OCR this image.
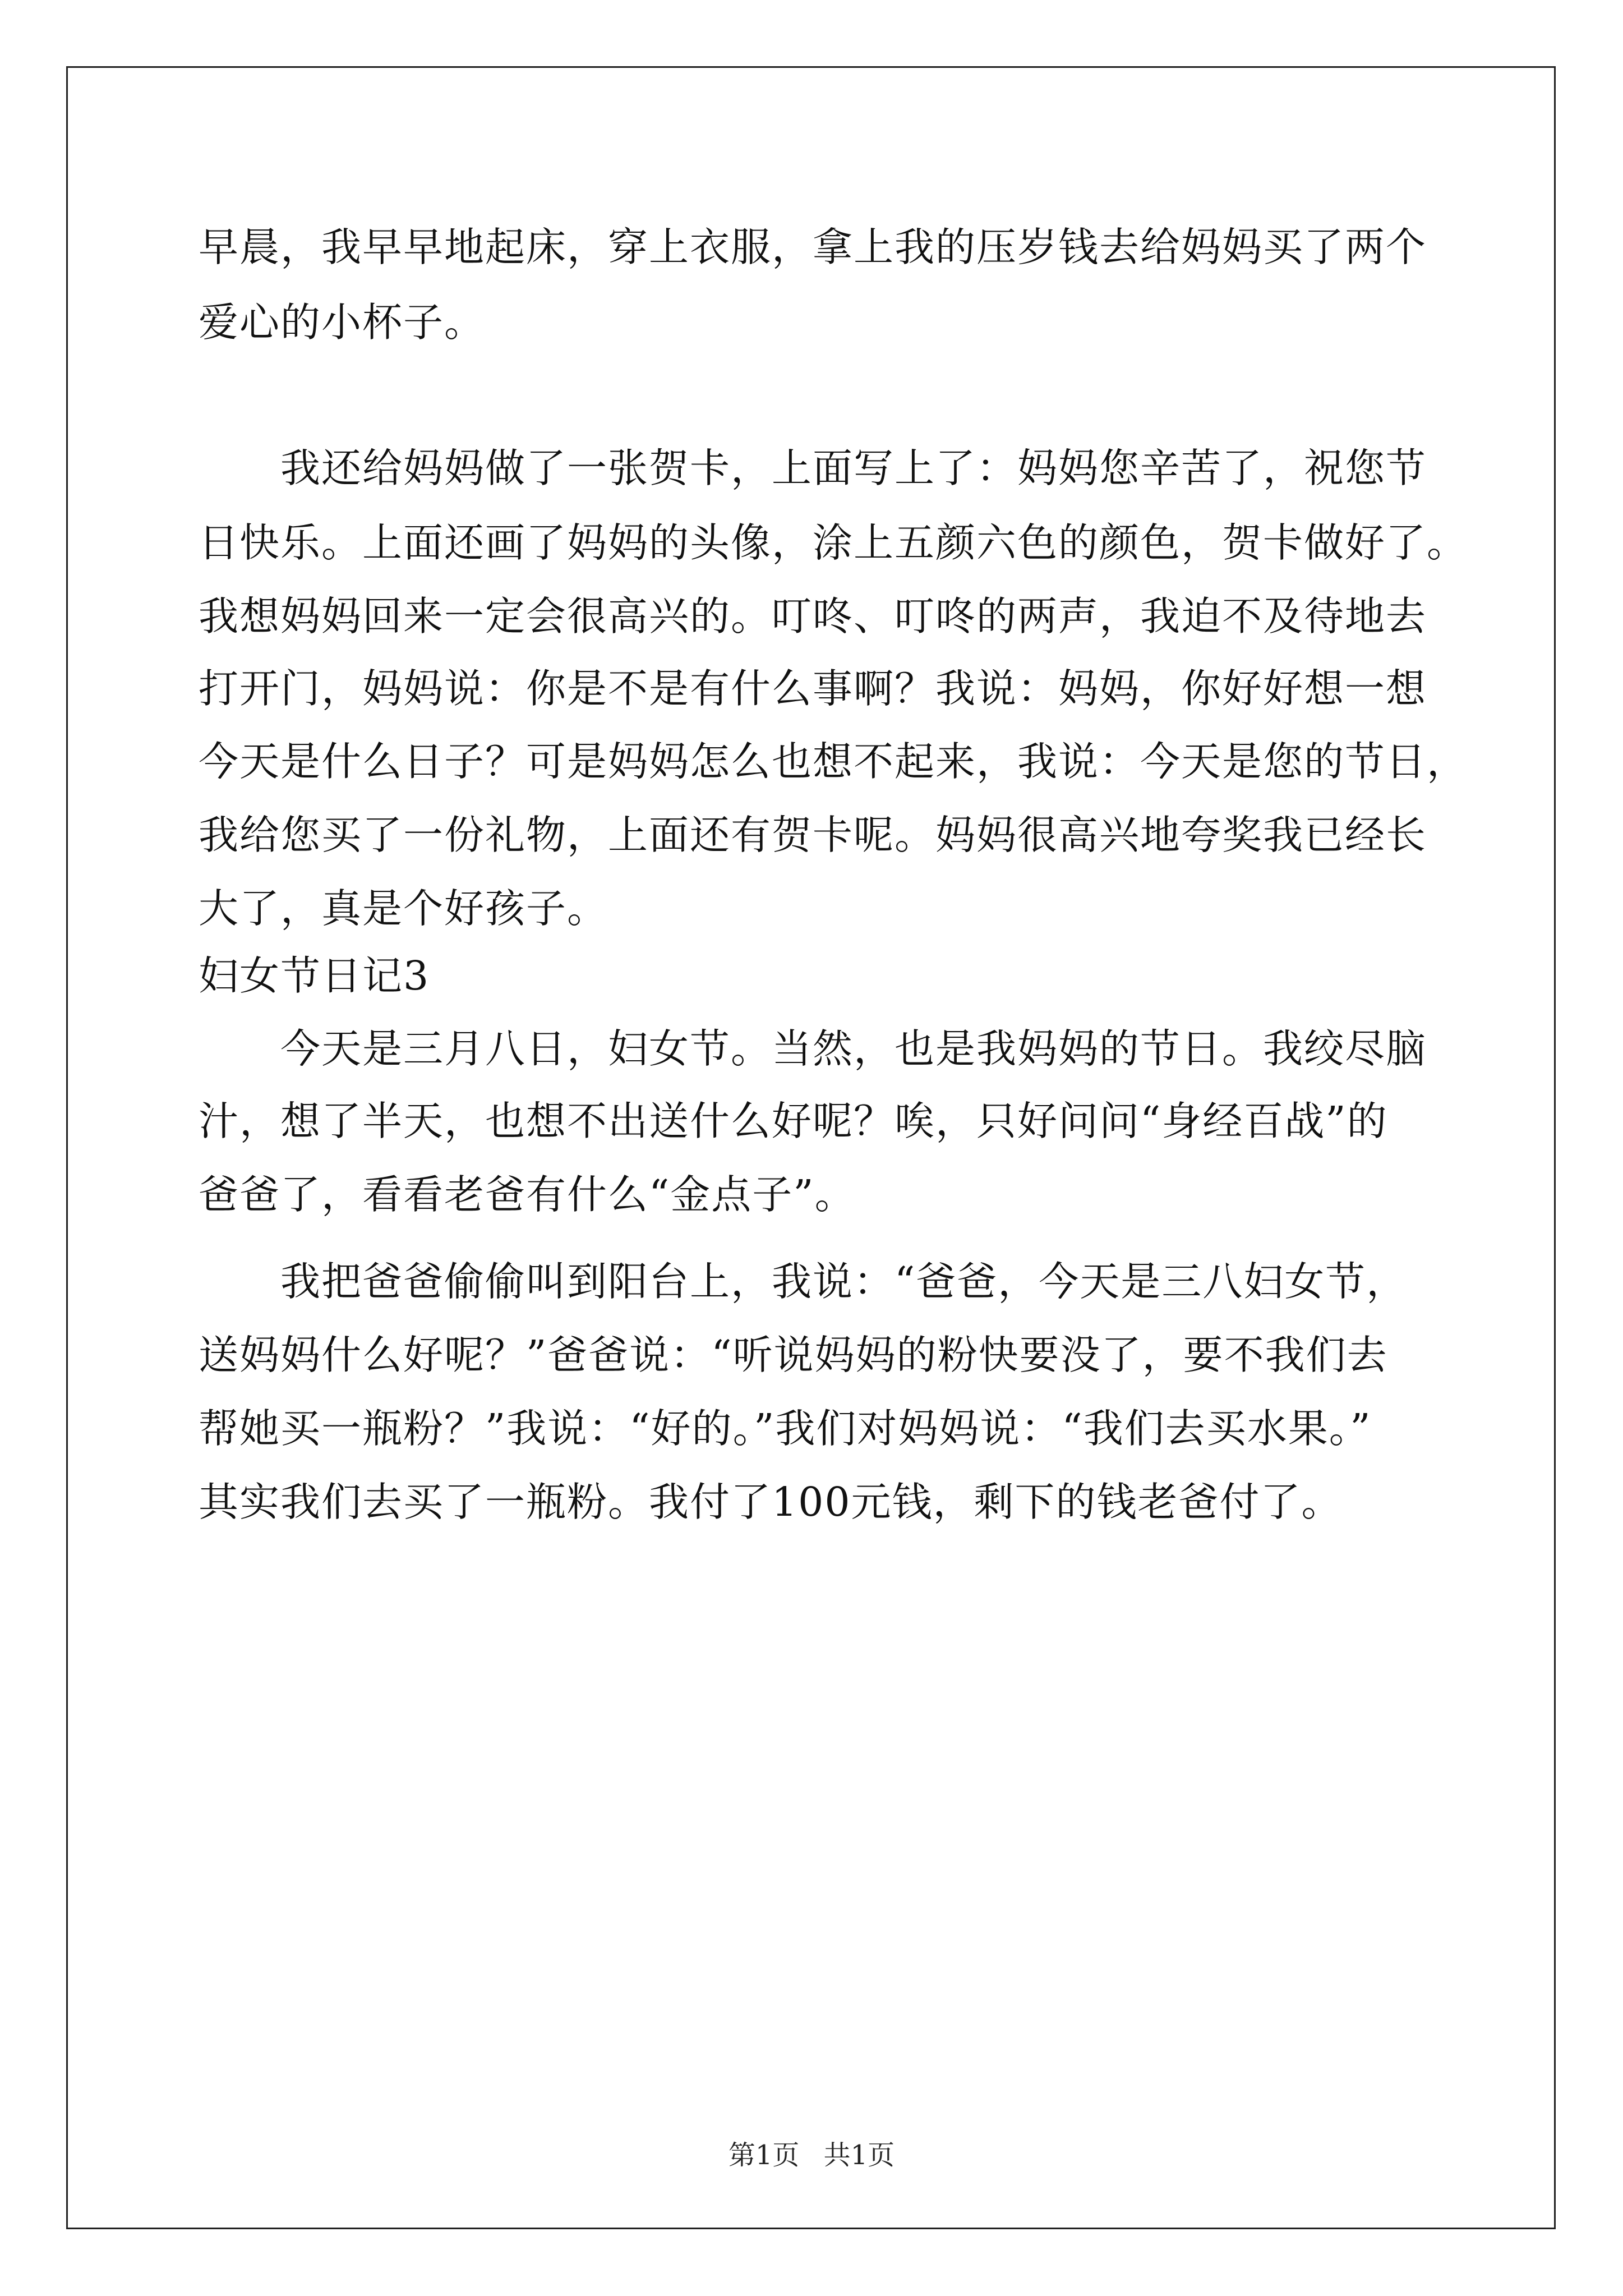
早晨，我早早地起床，穿上衣服，拿上我的压岁钱去给妈妈买了两个
爱心的小杯子。
　　我还给妈妈做了一张贺卡，上面写上了：妈妈您辛苦了，祝您节
日快乐。上面还画了妈妈的头像，涂上五颜六色的颜色，贺卡做好了。
我想妈妈回来一定会很高兴的。叮咚、叮咚的两声，我迫不及待地去
打开门，妈妈说：你是不是有什么事啊？我说：妈妈，你好好想一想
今天是什么日子？可是妈妈怎么也想不起来，我说：今天是您的节日，
我给您买了一份礼物，上面还有贺卡呢。妈妈很高兴地夸奖我已经长
大了，真是个好孩子。
妇女节日记3
　　今天是三月八日，妇女节。当然，也是我妈妈的节日。我绞尽脑
汁，想了半天，也想不出送什么好呢？唉，只好问问“身经百战”的
爸爸了，看看老爸有什么“金点子”。
　　我把爸爸偷偷叫到阳台上，我说：“爸爸，今天是三八妇女节，
送妈妈什么好呢？”爸爸说：“听说妈妈的粉快要没了，要不我们去
帮她买一瓶粉？”我说：“好的。”我们对妈妈说：“我们去买水果。”
其实我们去买了一瓶粉。我付了100元钱，剩下的钱老爸付了。
第1页 共1页
